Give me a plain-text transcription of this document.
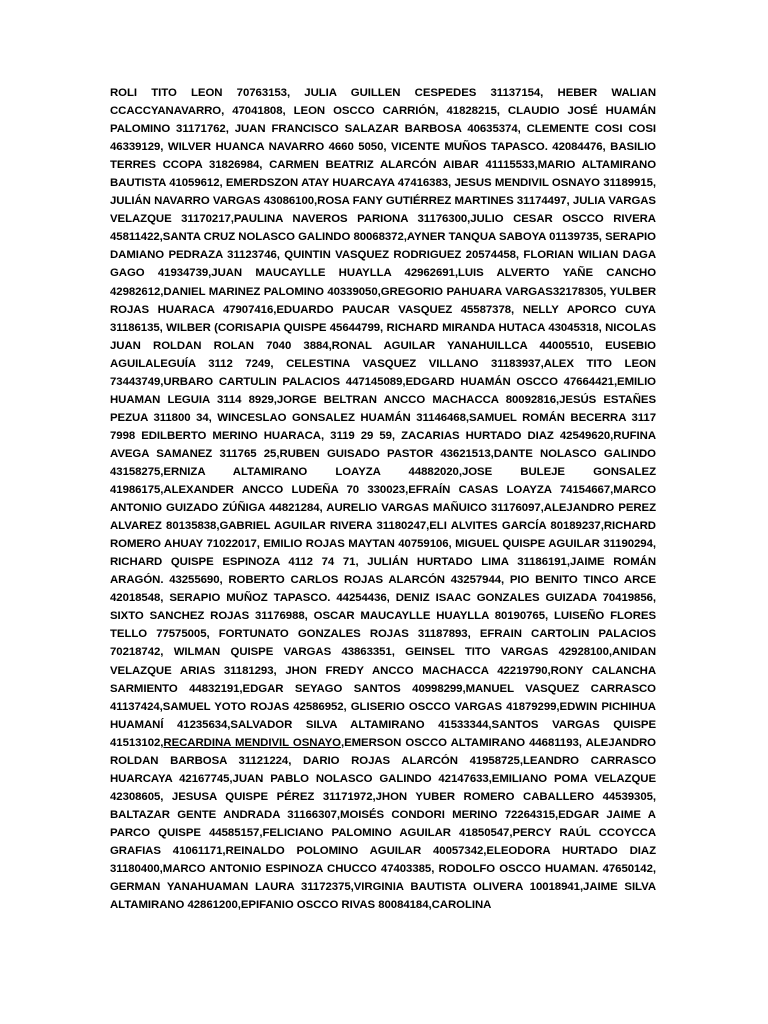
ROLI TITO LEON 70763153, JULIA GUILLEN CESPEDES 31137154, HEBER WALIAN CCACCYANAVARRO, 47041808, LEON OSCCO CARRIÓN, 41828215, CLAUDIO JOSÉ HUAMÁN PALOMINO 31171762, JUAN FRANCISCO SALAZAR BARBOSA 40635374, CLEMENTE COSI COSI 46339129, WILVER HUANCA NAVARRO 4660 5050, VICENTE MUÑOS TAPASCO. 42084476, BASILIO TERRES CCOPA 31826984, CARMEN BEATRIZ ALARCÓN AIBAR 41115533,MARIO ALTAMIRANO BAUTISTA 41059612, EMERDSZON ATAY HUARCAYA 47416383, JESUS MENDIVIL OSNAYO 31189915, JULIÁN NAVARRO VARGAS 43086100,ROSA FANY GUTIÉRREZ MARTINES 31174497, JULIA VARGAS VELAZQUE 31170217,PAULINA NAVEROS PARIONA 31176300,JULIO CESAR OSCCO RIVERA 45811422,SANTA CRUZ NOLASCO GALINDO 80068372,AYNER TANQUA SABOYA 01139735, SERAPIO DAMIANO PEDRAZA 31123746, QUINTIN VASQUEZ RODRIGUEZ 20574458, FLORIAN WILIAN DAGA GAGO 41934739,JUAN MAUCAYLLE HUAYLLA 42962691,LUIS ALVERTO YAÑE CANCHO 42982612,DANIEL MARINEZ PALOMINO 40339050,GREGORIO PAHUARA VARGAS32178305, YULBER ROJAS HUARACA 47907416,EDUARDO PAUCAR VASQUEZ 45587378, NELLY APORCO CUYA 31186135, WILBER (CORISAPIA QUISPE 45644799, RICHARD MIRANDA HUTACA 43045318, NICOLAS JUAN ROLDAN ROLAN 7040 3884,RONAL AGUILAR YANAHUILLCA 44005510, EUSEBIO AGUILALEGUÍA 3112 7249, CELESTINA VASQUEZ VILLANO 31183937,ALEX TITO LEON 73443749,URBARO CARTULIN PALACIOS 447145089,EDGARD HUAMÁN OSCCO 47664421,EMILIO HUAMAN LEGUIA 3114 8929,JORGE BELTRAN ANCCO MACHACCA 80092816,JESÚS ESTAÑES PEZUA 311800 34, WINCESLAO GONSALEZ HUAMÁN 31146468,SAMUEL ROMÁN BECERRA 3117 7998 EDILBERTO MERINO HUARACA, 3119 29 59, ZACARIAS HURTADO DIAZ 42549620,RUFINA AVEGA SAMANEZ 311765 25,RUBEN GUISADO PASTOR 43621513,DANTE NOLASCO GALINDO 43158275,ERNIZA ALTAMIRANO LOAYZA 44882020,JOSE BULEJE GONSALEZ 41986175,ALEXANDER ANCCO LUDEÑA 70 330023,EFRAÍN CASAS LOAYZA 74154667,MARCO ANTONIO GUIZADO ZÚÑIGA 44821284, AURELIO VARGAS MAÑUICO 31176097,ALEJANDRO PEREZ ALVAREZ 80135838,GABRIEL AGUILAR RIVERA 31180247,ELI ALVITES GARCÍA 80189237,RICHARD ROMERO AHUAY 71022017, EMILIO ROJAS MAYTAN 40759106, MIGUEL QUISPE AGUILAR 31190294, RICHARD QUISPE ESPINOZA 4112 74 71, JULIÁN HURTADO LIMA 31186191,JAIME ROMÁN ARAGÓN. 43255690, ROBERTO CARLOS ROJAS ALARCÓN 43257944, PIO BENITO TINCO ARCE 42018548, SERAPIO MUÑOZ TAPASCO. 44254436, DENIZ ISAAC GONZALES GUIZADA 70419856, SIXTO SANCHEZ ROJAS 31176988, OSCAR MAUCAYLLE HUAYLLA 80190765, LUISEÑO FLORES TELLO 77575005, FORTUNATO GONZALES ROJAS 31187893, EFRAIN CARTOLIN PALACIOS 70218742, WILMAN QUISPE VARGAS 43863351, GEINSEL TITO VARGAS 42928100,ANIDAN VELAZQUE ARIAS 31181293, JHON FREDY ANCCO MACHACCA 42219790,RONY CALANCHA SARMIENTO 44832191,EDGAR SEYAGO SANTOS 40998299,MANUEL VASQUEZ CARRASCO 41137424,SAMUEL YOTO ROJAS 42586952, GLISERIO OSCCO VARGAS 41879299,EDWIN PICHIHUA HUAMANÍ 41235634,SALVADOR SILVA ALTAMIRANO 41533344,SANTOS VARGAS QUISPE 41513102,RECARDINA MENDIVIL OSNAYO,EMERSON OSCCO ALTAMIRANO 44681193, ALEJANDRO ROLDAN BARBOSA 31121224, DARIO ROJAS ALARCÓN 41958725,LEANDRO CARRASCO HUARCAYA 42167745,JUAN PABLO NOLASCO GALINDO 42147633,EMILIANO POMA VELAZQUE 42308605, JESUSA QUISPE PÉREZ 31171972,JHON YUBER ROMERO CABALLERO 44539305, BALTAZAR GENTE ANDRADA 31166307,MOISÉS CONDORI MERINO 72264315,EDGAR JAIME A PARCO QUISPE 44585157,FELICIANO PALOMINO AGUILAR 41850547,PERCY RAÚL CCOYCCA GRAFIAS 41061171,REINALDO POLOMINO AGUILAR 40057342,ELEODORA HURTADO DIAZ 31180400,MARCO ANTONIO ESPINOZA CHUCCO 47403385, RODOLFO OSCCO HUAMAN. 47650142, GERMAN YANAHUAMAN LAURA 31172375,VIRGINIA BAUTISTA OLIVERA 10018941,JAIME SILVA ALTAMIRANO 42861200,EPIFANIO OSCCO RIVAS 80084184,CAROLINA
